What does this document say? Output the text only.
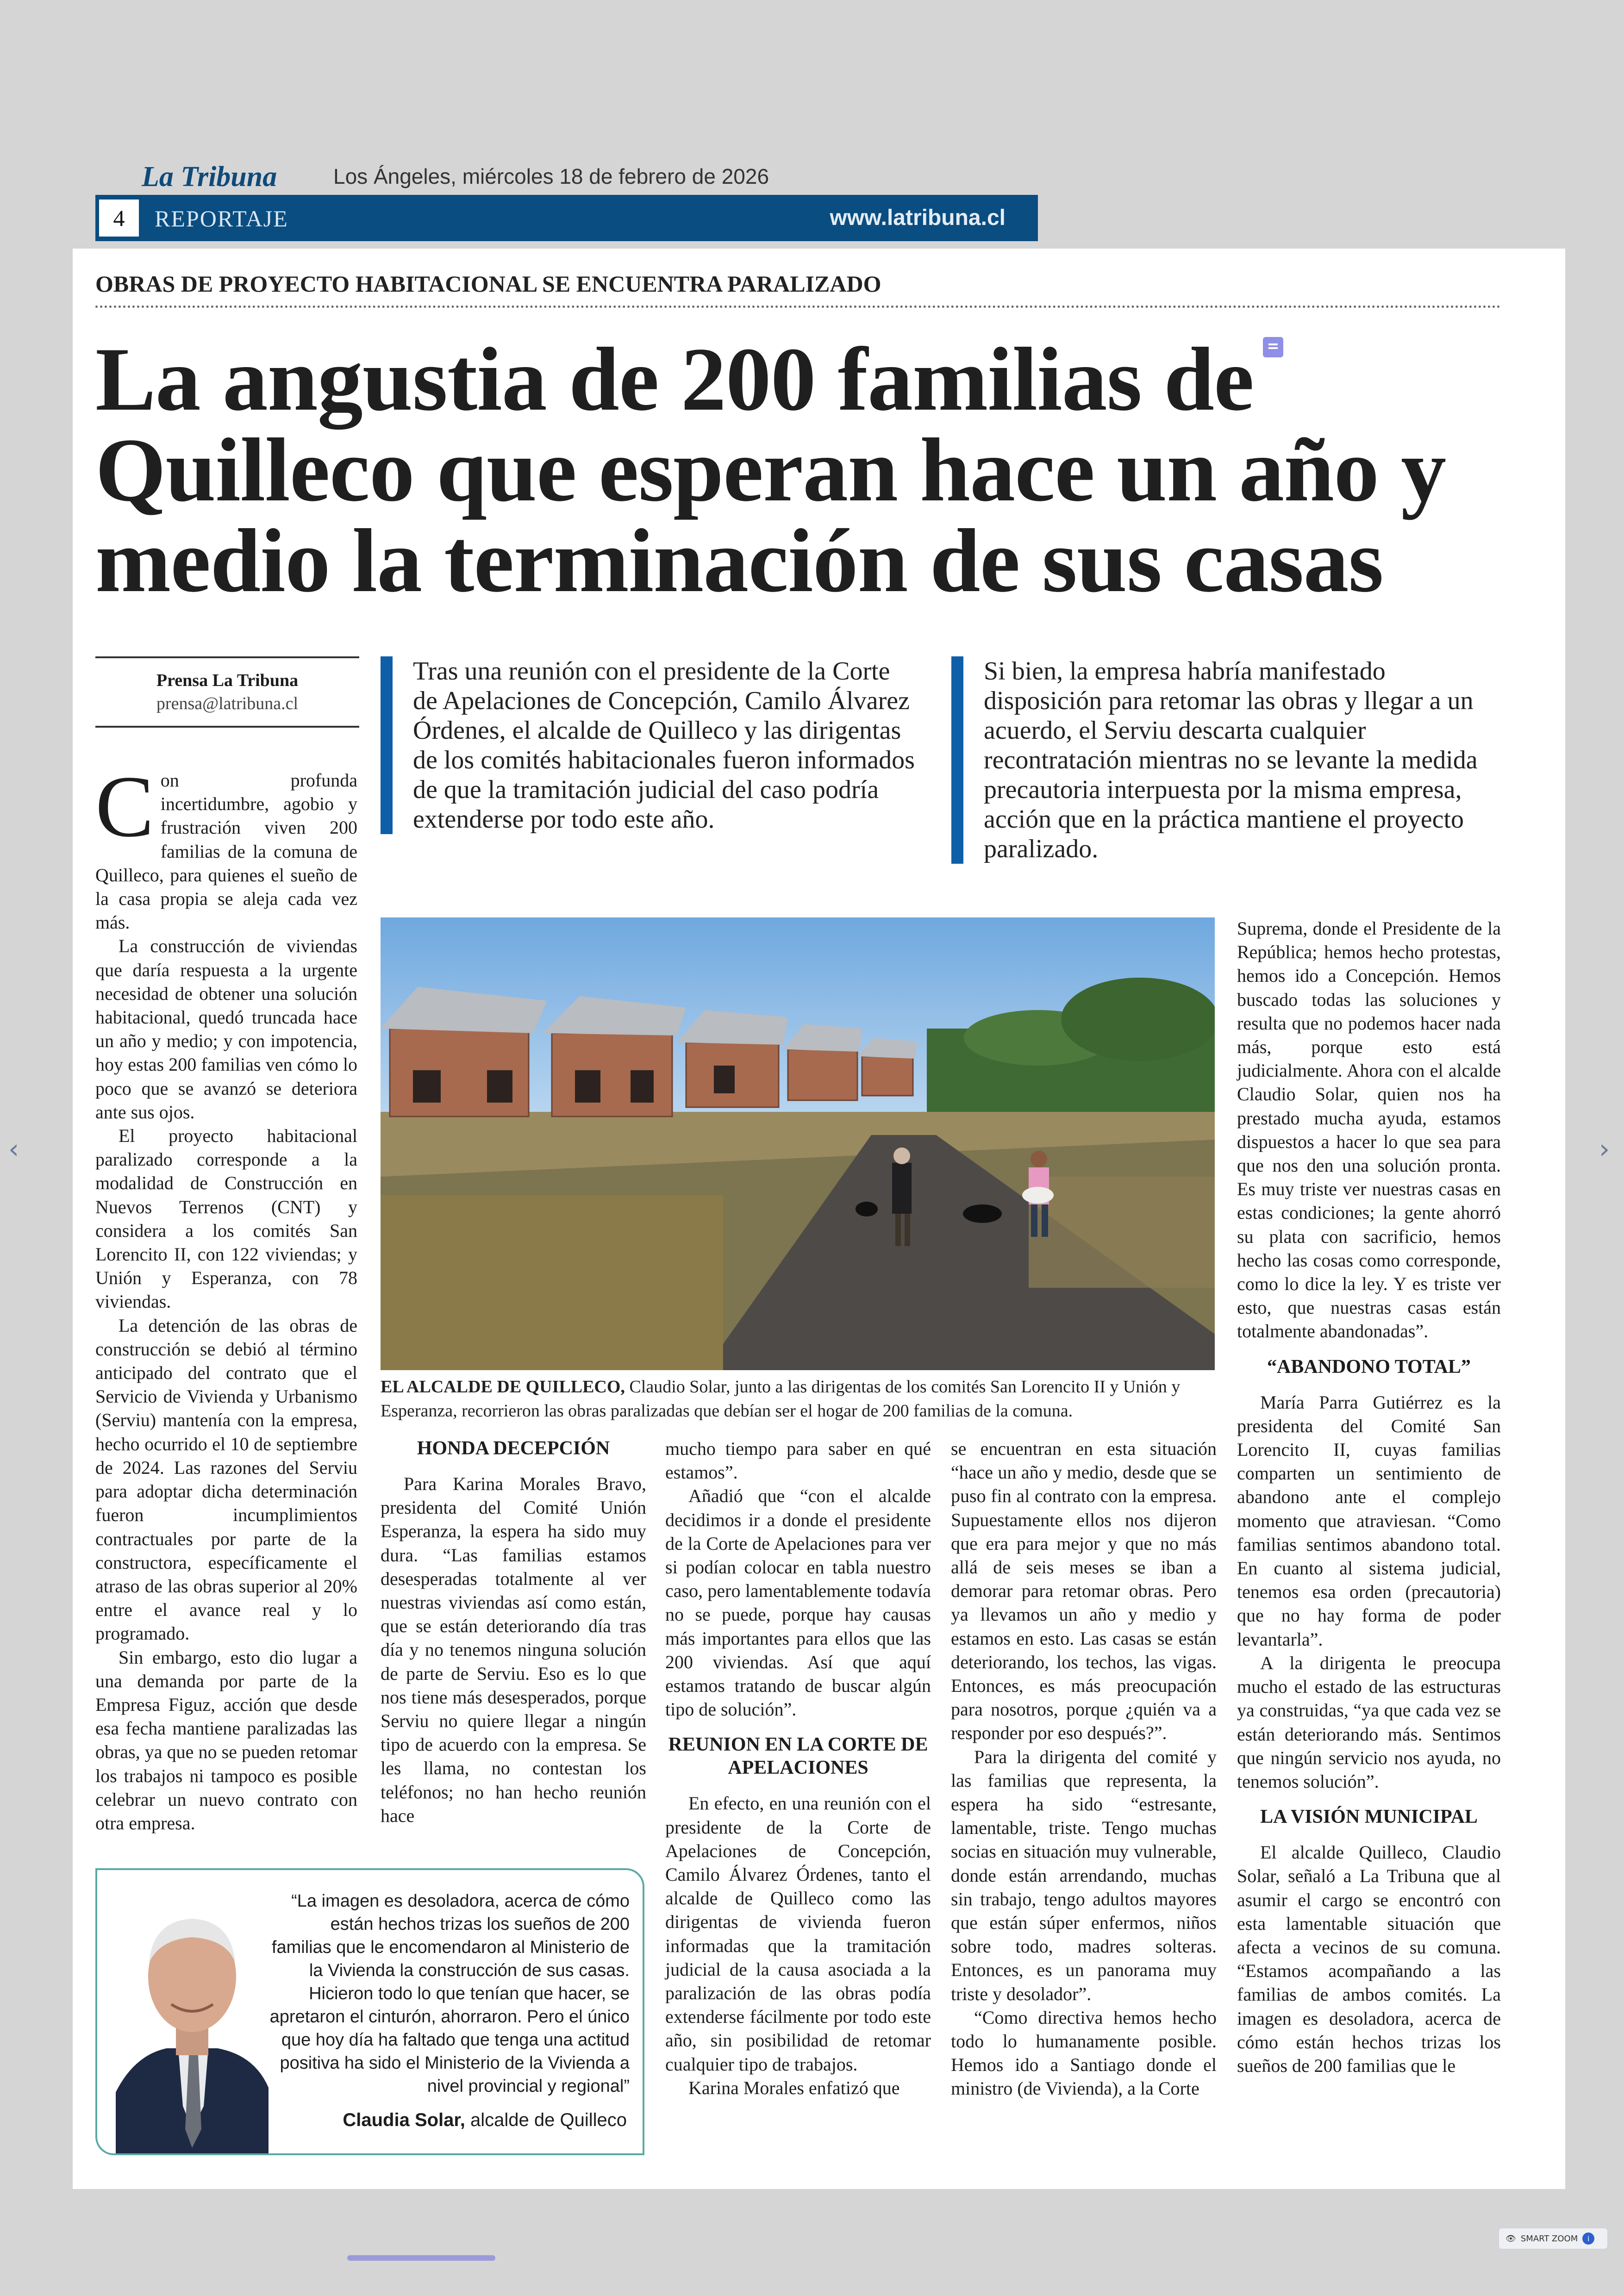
‹	›
La Tribuna	Los Ángeles, miércoles 18 de febrero de 2026
4	REPORTAJE	www.latribuna.cl
OBRAS DE PROYECTO HABITACIONAL SE ENCUENTRA PARALIZADO
La angustia de 200 familias de Quilleco que esperan hace un año y medio la terminación de sus casas
Prensa La Tribuna
prensa@latribuna.cl
Tras una reunión con el presidente de la Corte de Apelaciones de Concepción, Camilo Álvarez Órdenes, el alcalde de Quilleco y las dirigentas de los comités habitacionales fueron informados de que la tramitación judicial del caso podría extenderse por todo este año.
Si bien, la empresa habría manifestado disposición para retomar las obras y llegar a un acuerdo, el Serviu descarta cualquier recontratación mientras no se levante la medida precautoria interpuesta por la misma empresa, acción que en la práctica mantiene el proyecto paralizado.

Con profunda incertidumbre, agobio y frustración viven 200 familias de la comuna de Quilleco, para quienes el sueño de la casa propia se aleja cada vez más.

La construcción de viviendas que daría respuesta a la urgente necesidad de obtener una solución habitacional, quedó truncada hace un año y medio; y con impotencia, hoy estas 200 familias ven cómo lo poco que se avanzó se deteriora ante sus ojos.

El proyecto habitacional paralizado corresponde a la modalidad de Construcción en Nuevos Terrenos (CNT) y considera a los comités San Lorencito II, con 122 viviendas; y Unión y Esperanza, con 78 viviendas.

La detención de las obras de construcción se debió al término anticipado del contrato que el Servicio de Vivienda y Urbanismo (Serviu) mantenía con la empresa, hecho ocurrido el 10 de septiembre de 2024. Las razones del Serviu para adoptar dicha determinación fueron incumplimientos contractuales por parte de la constructora, específicamente el atraso de las obras superior al 20% entre el avance real y lo programado.

Sin embargo, esto dio lugar a una demanda por parte de la Empresa Figuz, acción que desde esa fecha mantiene paralizadas las obras, ya que no se pueden retomar los trabajos ni tampoco es posible celebrar un nuevo contrato con otra empresa.

EL ALCALDE DE QUILLECO, Claudio Solar, junto a las dirigentas de los comités San Lorencito II y Unión y Esperanza, recorrieron las obras paralizadas que debían ser el hogar de 200 familias de la comuna.
HONDA DECEPCIÓN

Para Karina Morales Bravo, presidenta del Comité Unión Esperanza, la espera ha sido muy dura. “Las familias estamos desesperadas totalmente al ver nuestras viviendas así como están, que se están deteriorando día tras día y no tenemos ninguna solución de parte de Serviu. Eso es lo que nos tiene más desesperados, porque Serviu no quiere llegar a ningún tipo de acuerdo con la empresa. Se les llama, no contestan los teléfonos; no han hecho reunión hace

mucho tiempo para saber en qué estamos”.

Añadió que “con el alcalde decidimos ir a donde el presidente de la Corte de Apelaciones para ver si podían colocar en tabla nuestro caso, pero lamentablemente todavía no se puede, porque hay causas más importantes para ellos que las 200 viviendas. Así que aquí estamos tratando de buscar algún tipo de solución”.

REUNION EN LA CORTE DE APELACIONES

En efecto, en una reunión con el presidente de la Corte de Apelaciones de Concepción, Camilo Álvarez Órdenes, tanto el alcalde de Quilleco como las dirigentas de vivienda fueron informadas que la tramitación judicial de la causa asociada a la paralización de las obras podía extenderse fácilmente por todo este año, sin posibilidad de retomar cualquier tipo de trabajos.

Karina Morales enfatizó que

se encuentran en esta situación “hace un año y medio, desde que se puso fin al contrato con la empresa. Supuestamente ellos nos dijeron que era para mejor y que no más allá de seis meses se iban a demorar para retomar obras. Pero ya llevamos un año y medio y estamos en esto. Las casas se están deteriorando, los techos, las vigas. Entonces, es más preocupación para nosotros, porque ¿quién va a responder por eso después?”.

Para la dirigenta del comité y las familias que representa, la espera ha sido “estresante, lamentable, triste. Tengo muchas socias en situación muy vulnerable, donde están arrendando, muchas sin trabajo, tengo adultos mayores que están súper enfermos, niños sobre todo, madres solteras. Entonces, es un panorama muy triste y desolador”.

“Como directiva hemos hecho todo lo humanamente posible. Hemos ido a Santiago donde el ministro (de Vivienda), a la Corte

Suprema, donde el Presidente de la República; hemos hecho protestas, hemos ido a Concepción. Hemos buscado todas las soluciones y resulta que no podemos hacer nada más, porque esto está judicialmente. Ahora con el alcalde Claudio Solar, quien nos ha prestado mucha ayuda, estamos dispuestos a hacer lo que sea para que nos den una solución pronta. Es muy triste ver nuestras casas en estas condiciones; la gente ahorró su plata con sacrificio, hemos hecho las cosas como corresponde, como lo dice la ley. Y es triste ver esto, que nuestras casas están totalmente abandonadas”.

“ABANDONO TOTAL”

María Parra Gutiérrez es la presidenta del Comité San Lorencito II, cuyas familias comparten un sentimiento de abandono ante el complejo momento que atraviesan. “Como familias sentimos abandono total. En cuanto al sistema judicial, tenemos esa orden (precautoria) que no hay forma de poder levantarla”.

A la dirigenta le preocupa mucho el estado de las estructuras ya construidas, “ya que cada vez se están deteriorando más. Sentimos que ningún servicio nos ayuda, no tenemos solución”.

LA VISIÓN MUNICIPAL

El alcalde Quilleco, Claudio Solar, señaló a La Tribuna que al asumir el cargo se encontró con esta lamentable situación que afecta a vecinos de su comuna. “Estamos acompañando a las familias de ambos comités. La imagen es desoladora, acerca de cómo están hechos trizas los sueños de 200 familias que le

“La imagen es desoladora, acerca de cómo están hechos trizas los sueños de 200 familias que le encomendaron al Ministerio de la Vivienda la construcción de sus casas. Hicieron todo lo que tenían que hacer, se apretaron el cinturón, ahorraron. Pero el único que hoy día ha faltado que tenga una actitud positiva ha sido el Ministerio de la Vivienda a nivel provincial y regional”
Claudia Solar, alcalde de Quilleco
👁 SMART ZOOM	i
